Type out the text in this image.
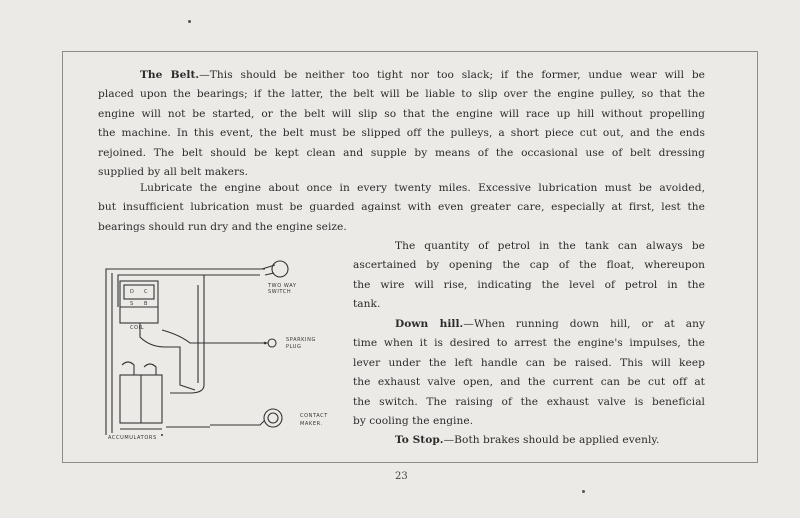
The Belt.—This should be neither too tight nor too slack; if the former, undue wear will be
placed upon the bearings; if the latter, the belt will be liable to slip over the engine pulley, so that the
engine will not be started, or the belt will slip so that the engine will race up hill without propelling
the machine. In this event, the belt must be slipped off the pulleys, a short piece cut out, and the ends
rejoined. The belt should be kept clean and supple by means of the occasional use of belt dressing
supplied by all belt makers.
Lubricate the engine about once in every twenty miles. Excessive lubrication must be avoided,
but insufficient lubrication must be guarded against with even greater care, especially at first, lest the
bearings should run dry and the engine seize.
The quantity of petrol in the tank can always be
ascertained by opening the cap of the float, whereupon
the wire will rise, indicating the level of petrol in the
tank.
Down hill.—When running down hill, or at any
time when it is desired to arrest the engine's impulses, the
lever under the left handle can be raised. This will keep
the exhaust valve open, and the current can be cut off at
the switch. The raising of the exhaust valve is beneficial
by cooling the engine.
To Stop.—Both brakes should be applied evenly.
TWO WAY
SWITCH
SPARKING
PLUG
COIL
D C
S B
ACCUMULATORS
CONTACT
MAKER.
23
